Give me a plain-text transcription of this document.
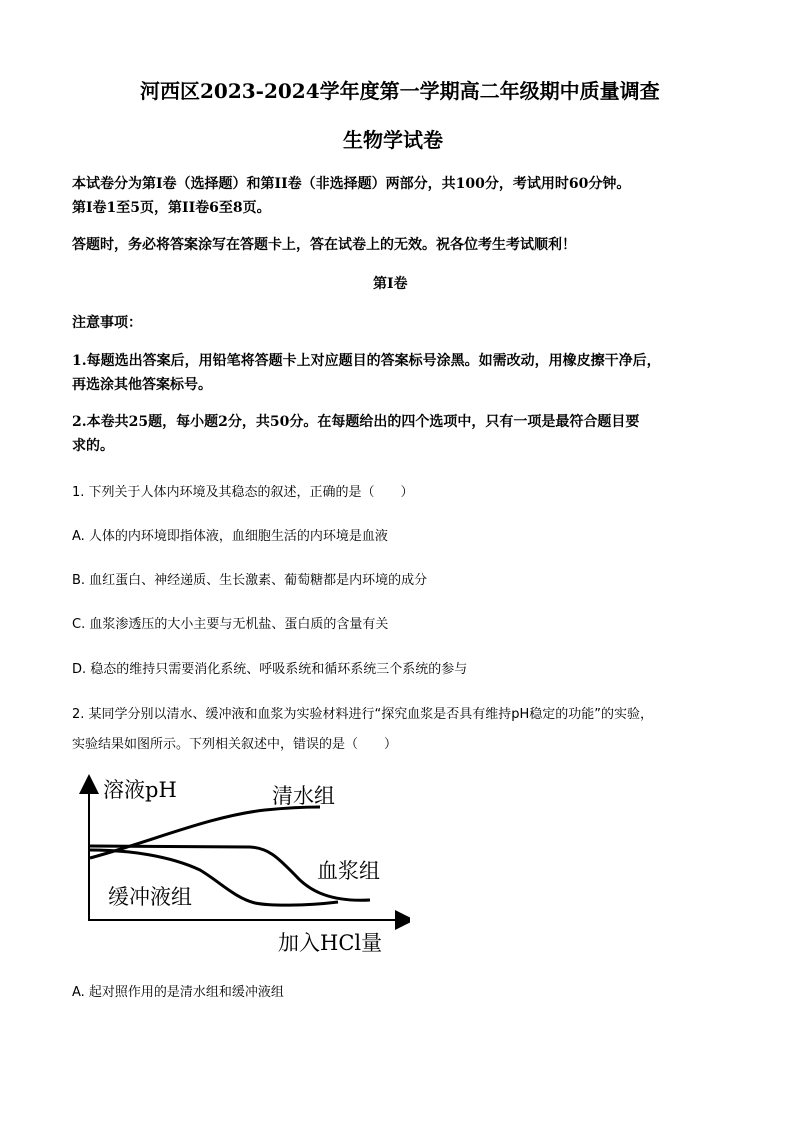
河西区2023-2024学年度第一学期高二年级期中质量调查
生物学试卷
本试卷分为第I卷（选择题）和第II卷（非选择题）两部分，共100分，考试用时60分钟。
第I卷1至5页，第II卷6至8页。
答题时，务必将答案涂写在答题卡上，答在试卷上的无效。祝各位考生考试顺利！
第I卷
注意事项：
1.每题选出答案后，用铅笔将答题卡上对应题目的答案标号涂黑。如需改动，用橡皮擦干净后，
再选涂其他答案标号。
2.本卷共25题，每小题2分，共50分。在每题给出的四个选项中，只有一项是最符合题目要
求的。
1. 下列关于人体内环境及其稳态的叙述，正确的是（　　）
A. 人体的内环境即指体液，血细胞生活的内环境是血液
B. 血红蛋白、神经递质、生长激素、葡萄糖都是内环境的成分
C. 血浆渗透压的大小主要与无机盐、蛋白质的含量有关
D. 稳态的维持只需要消化系统、呼吸系统和循环系统三个系统的参与
2. 某同学分别以清水、缓冲液和血浆为实验材料进行“探究血浆是否具有维持pH稳定的功能”的实验，
实验结果如图所示。下列相关叙述中，错误的是（　　）
溶液pH
加入HCl量
清水组
血浆组
缓冲液组
A. 起对照作用的是清水组和缓冲液组
